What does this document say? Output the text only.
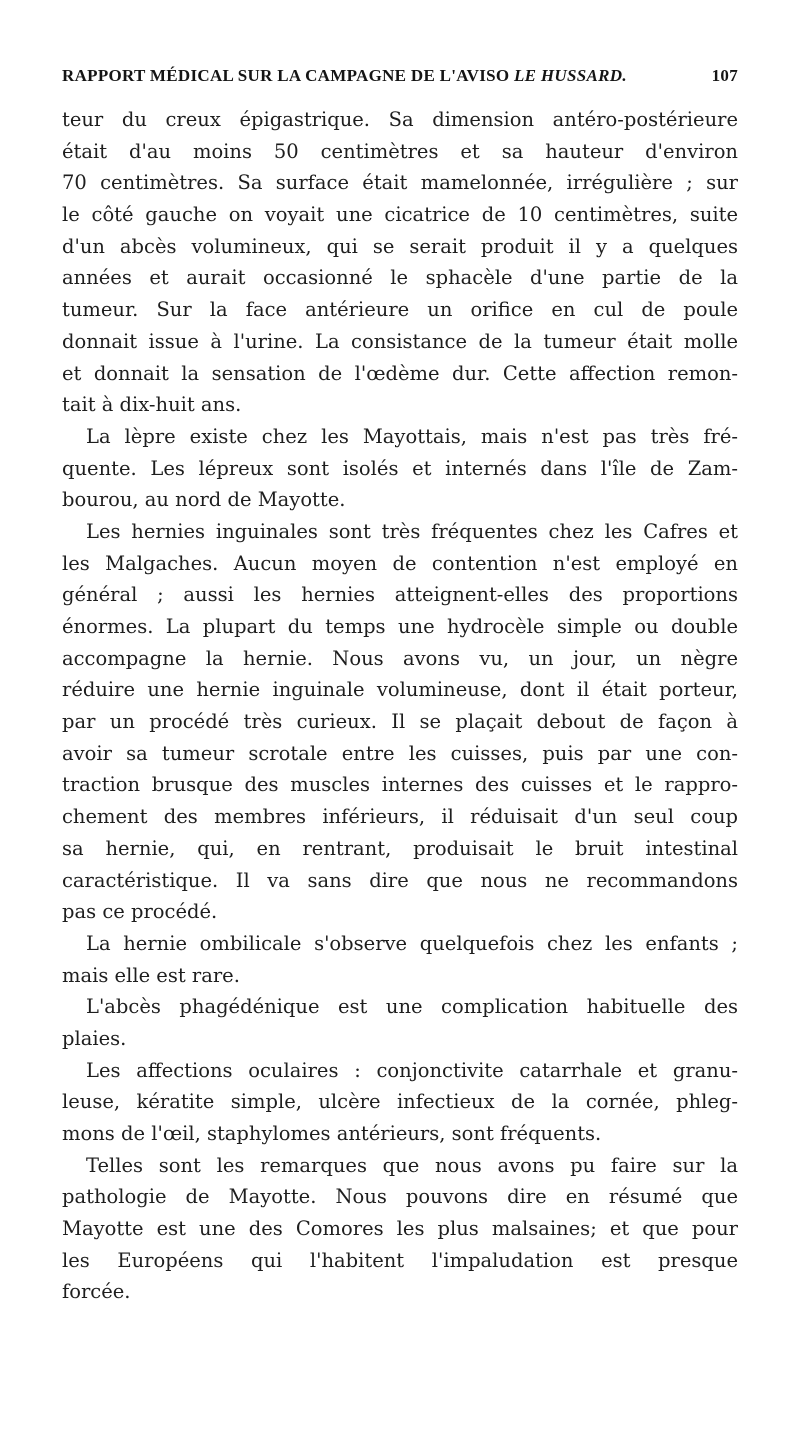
RAPPORT MÉDICAL SUR LA CAMPAGNE DE L'AVISO LE HUSSARD.	107
teur du creux épigastrique. Sa dimension antéro-postérieure
était d'au moins 50 centimètres et sa hauteur d'environ
70 centimètres. Sa surface était mamelonnée, irrégulière ; sur
le côté gauche on voyait une cicatrice de 10 centimètres, suite
d'un abcès volumineux, qui se serait produit il y a quelques
années et aurait occasionné le sphacèle d'une partie de la
tumeur. Sur la face antérieure un orifice en cul de poule
donnait issue à l'urine. La consistance de la tumeur était molle
et donnait la sensation de l'œdème dur. Cette affection remon-
tait à dix-huit ans.
La lèpre existe chez les Mayottais, mais n'est pas très fré-
quente. Les lépreux sont isolés et internés dans l'île de Zam-
bourou, au nord de Mayotte.
Les hernies inguinales sont très fréquentes chez les Cafres et
les Malgaches. Aucun moyen de contention n'est employé en
général ; aussi les hernies atteignent-elles des proportions
énormes. La plupart du temps une hydrocèle simple ou double
accompagne la hernie. Nous avons vu, un jour, un nègre
réduire une hernie inguinale volumineuse, dont il était porteur,
par un procédé très curieux. Il se plaçait debout de façon à
avoir sa tumeur scrotale entre les cuisses, puis par une con-
traction brusque des muscles internes des cuisses et le rappro-
chement des membres inférieurs, il réduisait d'un seul coup
sa hernie, qui, en rentrant, produisait le bruit intestinal
caractéristique. Il va sans dire que nous ne recommandons
pas ce procédé.
La hernie ombilicale s'observe quelquefois chez les enfants ;
mais elle est rare.
L'abcès phagédénique est une complication habituelle des
plaies.
Les affections oculaires : conjonctivite catarrhale et granu-
leuse, kératite simple, ulcère infectieux de la cornée, phleg-
mons de l'œil, staphylomes antérieurs, sont fréquents.
Telles sont les remarques que nous avons pu faire sur la
pathologie de Mayotte. Nous pouvons dire en résumé que
Mayotte est une des Comores les plus malsaines; et que pour
les Européens qui l'habitent l'impaludation est presque
forcée.
